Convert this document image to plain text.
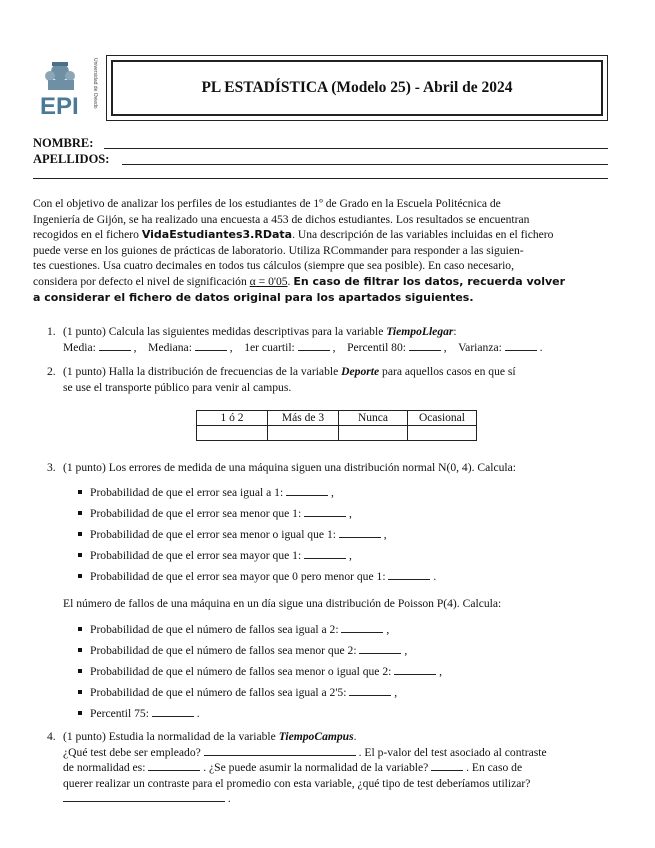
EPI	Universidad de Oviedo	PL ESTADÍSTICA (Modelo 25) - Abril de 2024
NOMBRE:
APELLIDOS:
Con el objetivo de analizar los perfiles de los estudiantes de 1º de Grado en la Escuela Politécnica de
Ingeniería de Gijón, se ha realizado una encuesta a 453 de dichos estudiantes. Los resultados se encuentran
recogidos en el fichero VidaEstudiantes3.RData. Una descripción de las variables incluidas en el fichero
puede verse en los guiones de prácticas de laboratorio. Utiliza RCommander para responder a las siguien-
tes cuestiones. Usa cuatro decimales en todos tus cálculos (siempre que sea posible). En caso necesario,
considera por defecto el nivel de significación α = 0'05. En caso de filtrar los datos, recuerda volver
a considerar el fichero de datos original para los apartados siguientes.
1. (1 punto) Calcula las siguientes medidas descriptivas para la variable TiempoLlegar:
Media:	,    Mediana:	,    1er cuartil:	,    Percentil 80:	,    Varianza:	.
2. (1 punto) Halla la distribución de frecuencias de la variable Deporte para aquellos casos en que sí
se use el transporte público para venir al campus.
1 ó 2	Más de 3	Nunca	Ocasional

3. (1 punto) Los errores de medida de una máquina siguen una distribución normal N(0, 4). Calcula:
Probabilidad de que el error sea igual a 1:	,
Probabilidad de que el error sea menor que 1:	,
Probabilidad de que el error sea menor o igual que 1:	,
Probabilidad de que el error sea mayor que 1:	,
Probabilidad de que el error sea mayor que 0 pero menor que 1:	.
El número de fallos de una máquina en un día sigue una distribución de Poisson P(4). Calcula:
Probabilidad de que el número de fallos sea igual a 2:	,
Probabilidad de que el número de fallos sea menor que 2:	,
Probabilidad de que el número de fallos sea menor o igual que 2:	,
Probabilidad de que el número de fallos sea igual a 2'5:	,
Percentil 75:	.
4. (1 punto) Estudia la normalidad de la variable TiempoCampus.
¿Qué test debe ser empleado?	. El p-valor del test asociado al contraste
de normalidad es:	. ¿Se puede asumir la normalidad de la variable?	. En caso de
querer realizar un contraste para el promedio con esta variable, ¿qué tipo de test deberíamos utilizar?
.
